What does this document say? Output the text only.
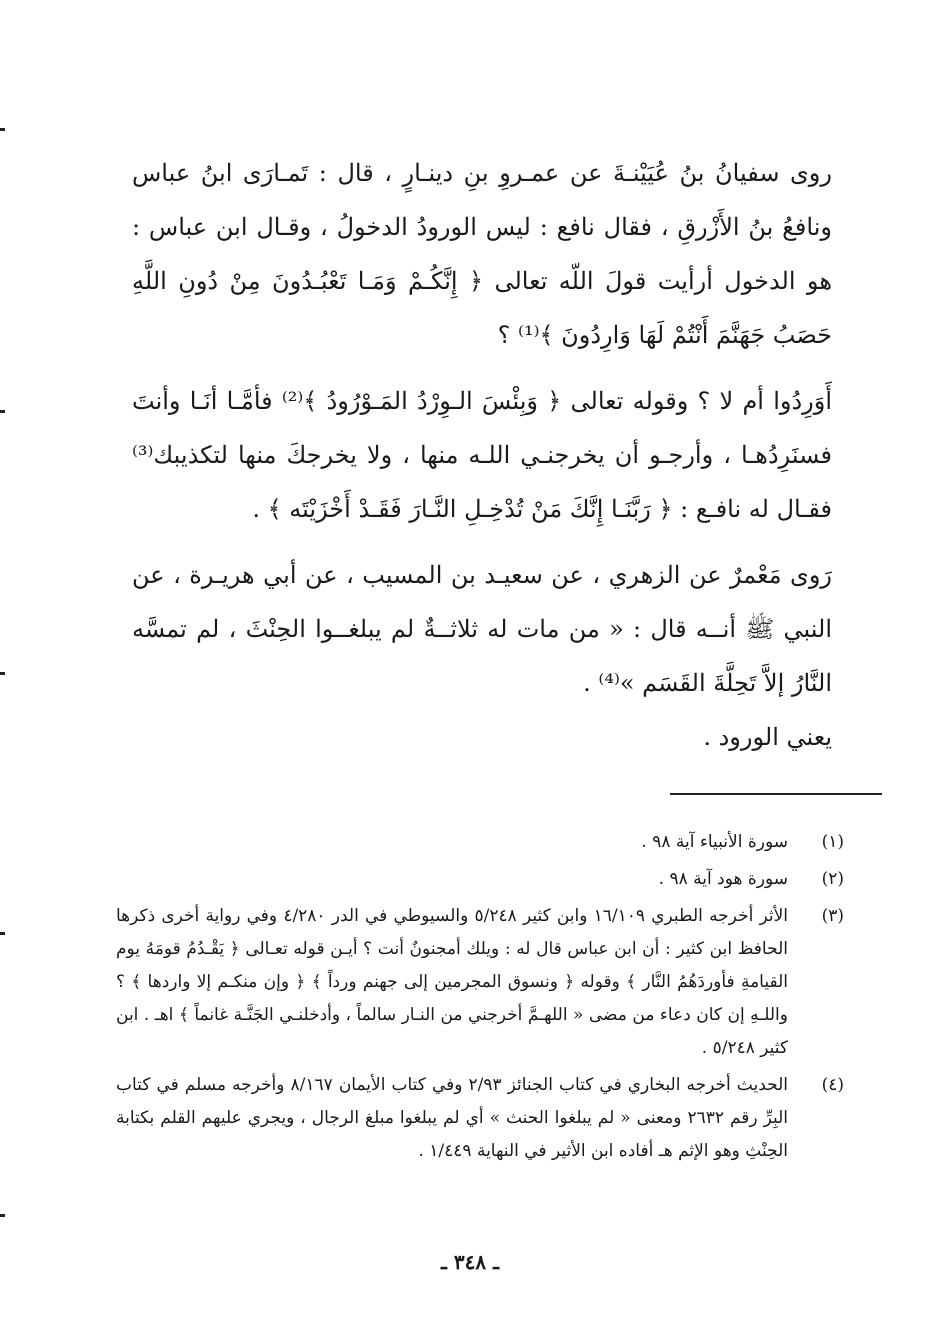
روى سفيانُ بنُ عُيَيْنـةَ عن عمـروِ بنِ دينـارٍ ، قال : تَمـارَى ابنُ عباس ونافعُ بنُ الأَزْرقِ ، فقال نافع : ليس الورودُ الدخولُ ، وقـال ابن عباس : هو الدخول أرأيت قولَ اللّه تعالى ﴿ إِنَّكُـمْ وَمَـا تَعْبُـدُونَ مِنْ دُونِ اللَّهِ حَصَبُ جَهَنَّمَ أَنْتُمْ لَهَا وَارِدُونَ ﴾⁽¹⁾ ؟

أَوَرِدُوا أم لا ؟ وقوله تعالى ﴿ وَبِئْسَ الـوِرْدُ المَـوْرُودُ ﴾⁽²⁾ فأمَّـا أنَـا وأنتَ فسنَرِدُهـا ، وأرجـو أن يخرجنـي اللـه منها ، ولا يخرجكَ منها لتكذيبك⁽³⁾ فقـال له نافـع : ﴿ رَبَّنَـا إِنَّكَ مَنْ تُدْخِـلِ النَّـارَ فَقَـدْ أَخْزَيْتَه ﴾ .

رَوى مَعْمرٌ عن الزهري ، عن سعيـد بن المسيب ، عن أبي هريـرة ، عن النبي ﷺ أنــه قال : « من مات له ثلاثــةٌ لم يبلغــوا الحِنْثَ ، لم تمسَّه النَّارُ إلاَّ تَحِلَّةَ القَسَم »⁽⁴⁾ .

يعني الورود .

(١)
سورة الأنبياء آية ٩٨ .
(٢)
سورة هود آية ٩٨ .
(٣)
الأثر أخرجه الطبري ١٦/١٠٩ وابن كثير ٥/٢٤٨ والسيوطي في الدر ٤/٢٨٠ وفي رواية أخرى ذكرها الحافظ ابن كثير : أن ابن عباس قال له : ويلك أمجنونٌ أنت ؟ أيـن قوله تعـالى ﴿ يَقْـدُمُ قومَهُ يوم القيامةِ فأوردَهُمُ النَّار ﴾ وقوله ﴿ ونسوق المجرمين إلى جهنم ورداً ﴾ ﴿ وإن منكـم إلا واردها ﴾ ؟ واللـهِ إن كان دعاء من مضى « اللهـمَّ أخرجني من النـار سالماً ، وأدخلنـي الجَنَّـة غانماً ﴾ اهـ . ابن كثير ٥/٢٤٨ .
(٤)
الحديث أخرجه البخاري في كتاب الجنائز ٢/٩٣ وفي كتاب الأيمان ٨/١٦٧ وأخرجه مسلم في كتاب البِرِّ رقم ٢٦٣٢ ومعنى « لم يبلغوا الحنث » أي لم يبلغوا مبلغ الرجال ، ويجري عليهم القلم بكتابة الحِنْثِ وهو الإثم هـ أفاده ابن الأثير في النهاية ١/٤٤٩ .
ـ ٣٤٨ ـ
